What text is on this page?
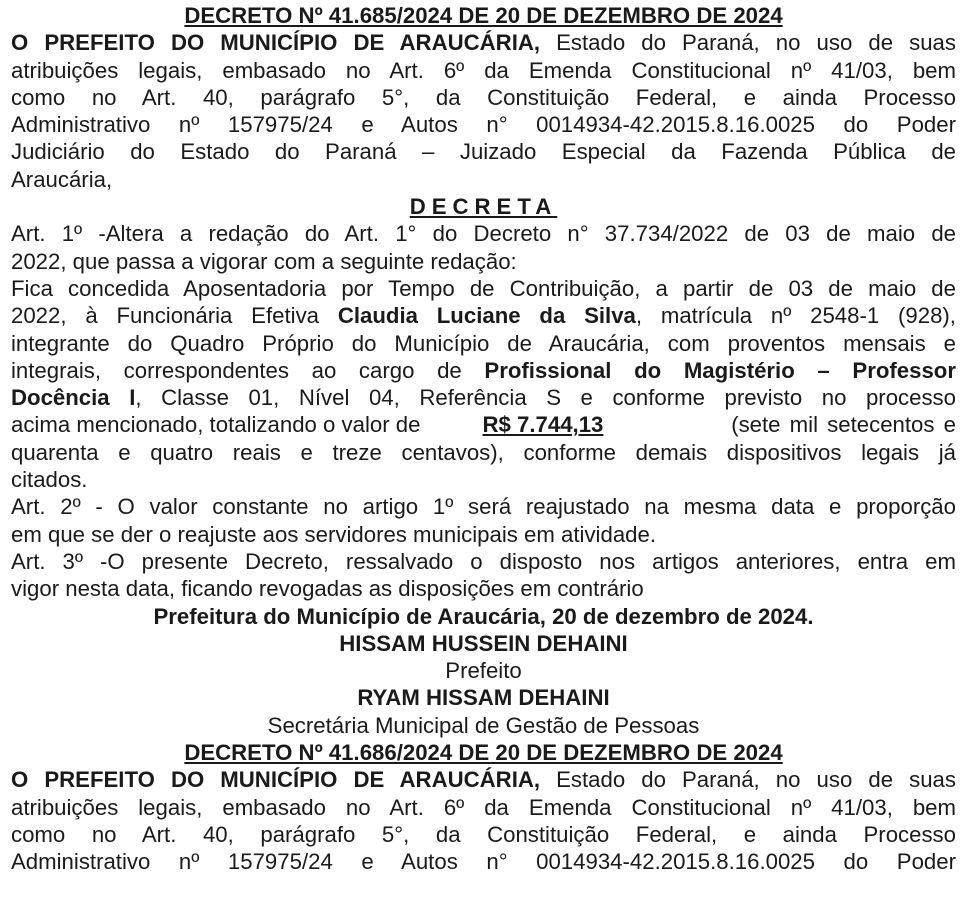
DECRETO Nº 41.685/2024 DE 20 DE DEZEMBRO DE 2024
O PREFEITO DO MUNICÍPIO DE ARAUCÁRIA, Estado do Paraná, no uso de suas
atribuições legais, embasado no Art. 6º da Emenda Constitucional nº 41/03, bem
como no Art. 40, parágrafo 5°, da Constituição Federal, e ainda Processo
Administrativo nº 157975/24 e Autos n° 0014934-42.2015.8.16.0025 do Poder
Judiciário do Estado do Paraná – Juizado Especial da Fazenda Pública de
Araucária,
DECRETA
Art. 1º -Altera a redação do Art. 1° do Decreto n° 37.734/2022 de 03 de maio de
2022, que passa a vigorar com a seguinte redação:
Fica concedida Aposentadoria por Tempo de Contribuição, a partir de 03 de maio de
2022, à Funcionária Efetiva Claudia Luciane da Silva, matrícula nº 2548-1 (928),
integrante do Quadro Próprio do Município de Araucária, com proventos mensais e
integrais, correspondentes ao cargo de Profissional do Magistério – Professor
Docência I, Classe 01, Nível 04, Referência S e conforme previsto no processo
acima mencionado, totalizando o valor de	R$ 7.744,13	(sete mil setecentos e
quarenta e quatro reais e treze centavos), conforme demais dispositivos legais já
citados.
Art. 2º - O valor constante no artigo 1º será reajustado na mesma data e proporção
em que se der o reajuste aos servidores municipais em atividade.
Art. 3º -O presente Decreto, ressalvado o disposto nos artigos anteriores, entra em
vigor nesta data, ficando revogadas as disposições em contrário
Prefeitura do Município de Araucária, 20 de dezembro de 2024.
HISSAM HUSSEIN DEHAINI
Prefeito
RYAM HISSAM DEHAINI
Secretária Municipal de Gestão de Pessoas
DECRETO Nº 41.686/2024 DE 20 DE DEZEMBRO DE 2024
O PREFEITO DO MUNICÍPIO DE ARAUCÁRIA, Estado do Paraná, no uso de suas
atribuições legais, embasado no Art. 6º da Emenda Constitucional nº 41/03, bem
como no Art. 40, parágrafo 5°, da Constituição Federal, e ainda Processo
Administrativo nº 157975/24 e Autos n° 0014934-42.2015.8.16.0025 do Poder
